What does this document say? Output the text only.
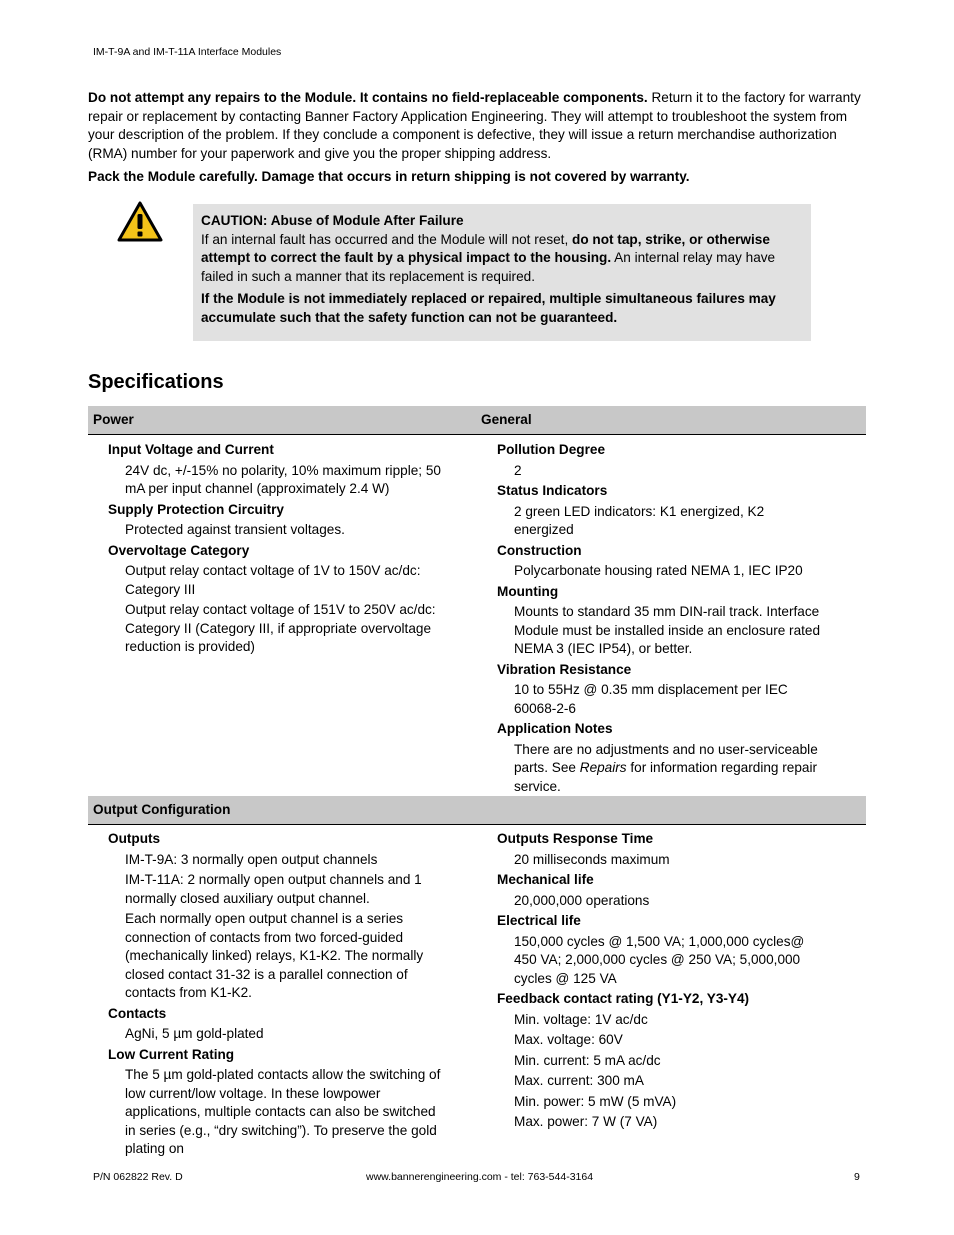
IM-T-9A and IM-T-11A Interface Modules

Do not attempt any repairs to the Module. It contains no field-replaceable components. Return it to the factory for warranty repair or replacement by contacting Banner Factory Application Engineering. They will attempt to troubleshoot the system from your description of the problem. If they conclude a component is defective, they will issue a return merchandise authorization (RMA) number for your paperwork and give you the proper shipping address.

Pack the Module carefully. Damage that occurs in return shipping is not covered by warranty.

CAUTION: Abuse of Module After Failure

If an internal fault has occurred and the Module will not reset, do not tap, strike, or otherwise attempt to correct the fault by a physical impact to the housing. An internal relay may have failed in such a manner that its replacement is required.

If the Module is not immediately replaced or repaired, multiple simultaneous failures may accumulate such that the safety function can not be guaranteed.

Specifications
Power	General
Input Voltage and Current
24V dc, +/-15% no polarity, 10% maximum ripple; 50 mA per input channel (approximately 2.4 W)
Supply Protection Circuitry
Protected against transient voltages.
Overvoltage Category
Output relay contact voltage of 1V to 150V ac/dc: Category III
Output relay contact voltage of 151V to 250V ac/dc: Category II (Category III, if appropriate overvoltage reduction is provided)
Pollution Degree
2
Status Indicators
2 green LED indicators: K1 energized, K2 energized
Construction
Polycarbonate housing rated NEMA 1, IEC IP20
Mounting
Mounts to standard 35 mm DIN-rail track. Interface Module must be installed inside an enclosure rated NEMA 3 (IEC IP54), or better.
Vibration Resistance
10 to 55Hz @ 0.35 mm displacement per IEC 60068-2-6
Application Notes
There are no adjustments and no user-serviceable parts. See Repairs for information regarding repair service.
Output Configuration
Outputs
IM-T-9A: 3 normally open output channels
IM-T-11A: 2 normally open output channels and 1 normally closed auxiliary output channel.
Each normally open output channel is a series connection of contacts from two forced-guided (mechanically linked) relays, K1-K2. The normally closed contact 31-32 is a parallel connection of contacts from K1-K2.
Contacts
AgNi, 5 µm gold-plated
Low Current Rating
The 5 µm gold-plated contacts allow the switching of low current/low voltage. In these lowpower applications, multiple contacts can also be switched in series (e.g., “dry switching”). To preserve the gold plating on
Outputs Response Time
20 milliseconds maximum
Mechanical life
20,000,000 operations
Electrical life
150,000 cycles @ 1,500 VA; 1,000,000 cycles@ 450 VA; 2,000,000 cycles @ 250 VA; 5,000,000 cycles @ 125 VA
Feedback contact rating (Y1-Y2, Y3-Y4)
Min. voltage: 1V ac/dc
Max. voltage: 60V
Min. current: 5 mA ac/dc
Max. current: 300 mA
Min. power: 5 mW (5 mVA)
Max. power: 7 W (7 VA)
P/N 062822 Rev. D	www.bannerengineering.com - tel: 763-544-3164	9
